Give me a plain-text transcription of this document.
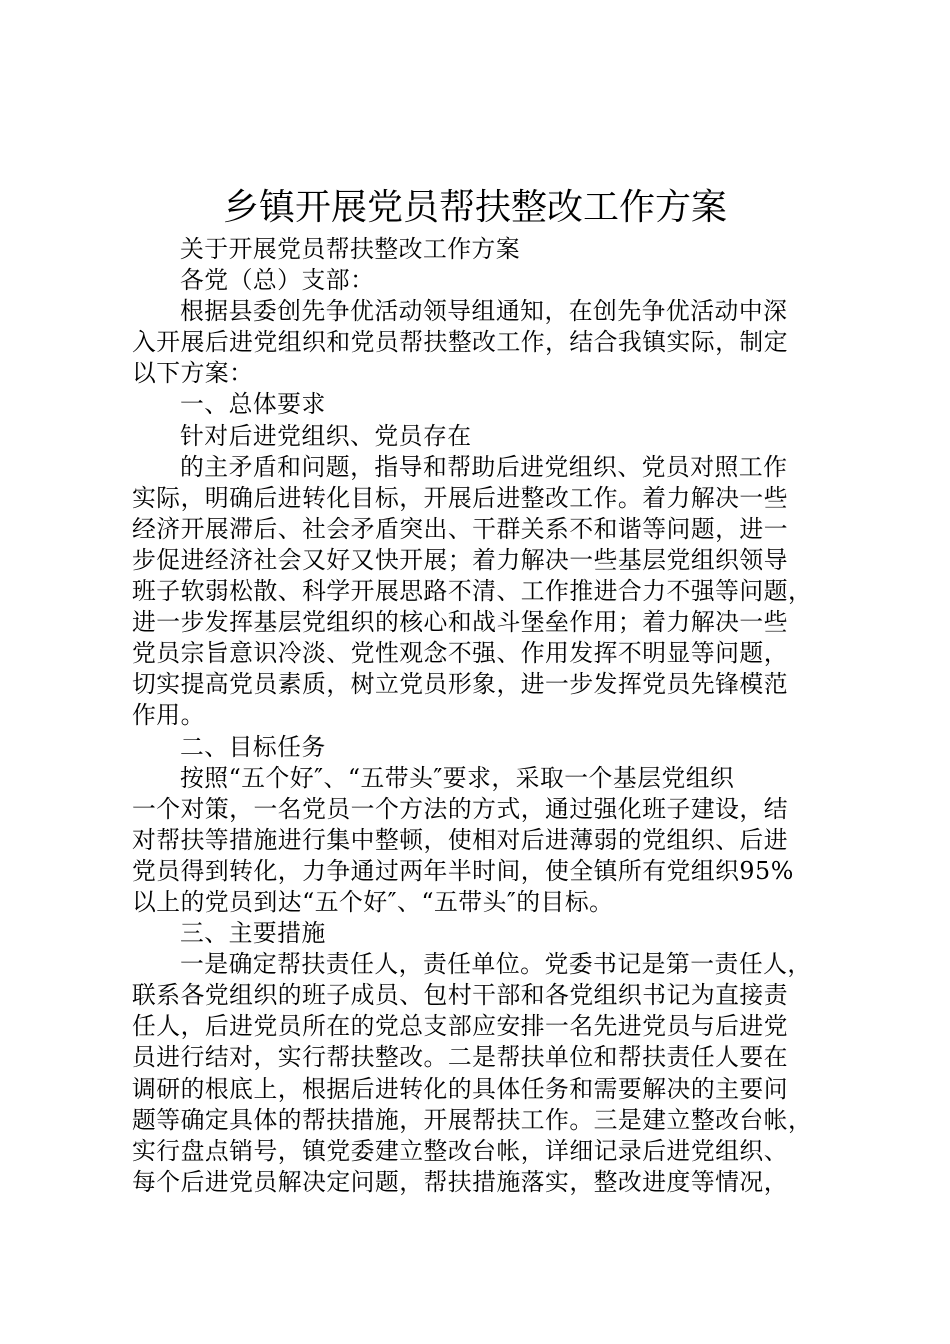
乡镇开展党员帮扶整改工作方案
关于开展党员帮扶整改工作方案
各党（总）支部：
根据县委创先争优活动领导组通知，在创先争优活动中深
入开展后进党组织和党员帮扶整改工作，结合我镇实际，制定
以下方案：
一、总体要求
针对后进党组织、党员存在
的主矛盾和问题，指导和帮助后进党组织、党员对照工作
实际，明确后进转化目标，开展后进整改工作。着力解决一些
经济开展滞后、社会矛盾突出、干群关系不和谐等问题，进一
步促进经济社会又好又快开展；着力解决一些基层党组织领导
班子软弱松散、科学开展思路不清、工作推进合力不强等问题，
进一步发挥基层党组织的核心和战斗堡垒作用；着力解决一些
党员宗旨意识冷淡、党性观念不强、作用发挥不明显等问题，
切实提高党员素质，树立党员形象，进一步发挥党员先锋模范
作用。
二、目标任务
按照“五个好″、“五带头″要求，采取一个基层党组织
一个对策，一名党员一个方法的方式，通过强化班子建设，结
对帮扶等措施进行集中整顿，使相对后进薄弱的党组织、后进
党员得到转化，力争通过两年半时间，使全镇所有党组织95%
以上的党员到达“五个好″、“五带头″的目标。
三、主要措施
一是确定帮扶责任人，责任单位。党委书记是第一责任人，
联系各党组织的班子成员、包村干部和各党组织书记为直接责
任人，后进党员所在的党总支部应安排一名先进党员与后进党
员进行结对，实行帮扶整改。二是帮扶单位和帮扶责任人要在
调研的根底上，根据后进转化的具体任务和需要解决的主要问
题等确定具体的帮扶措施，开展帮扶工作。三是建立整改台帐，
实行盘点销号，镇党委建立整改台帐，详细记录后进党组织、
每个后进党员解决定问题，帮扶措施落实，整改进度等情况，
